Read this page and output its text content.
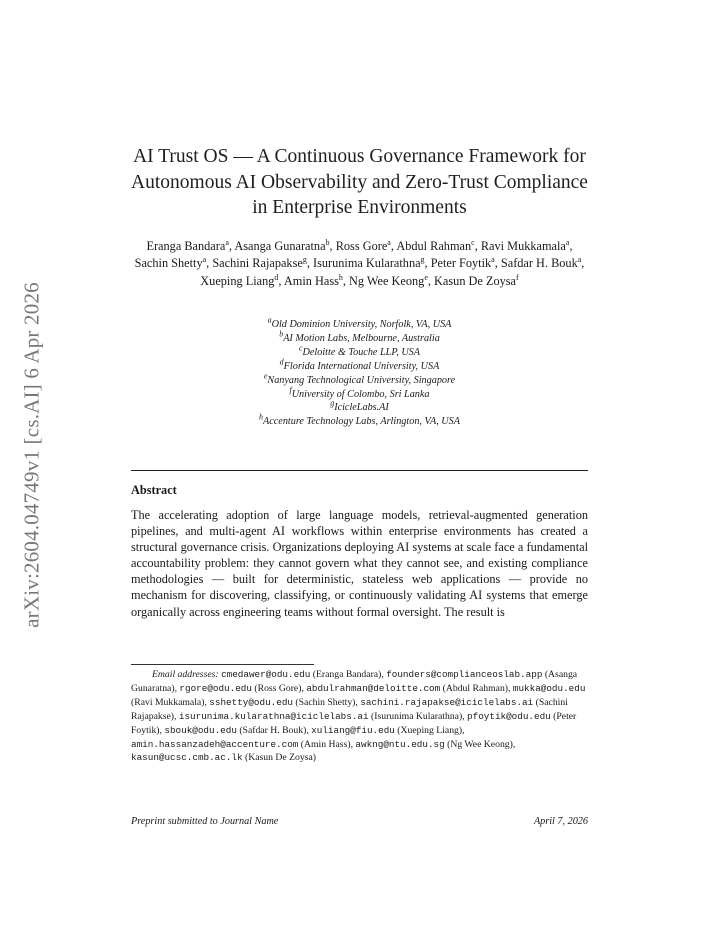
arXiv:2604.04749v1 [cs.AI] 6 Apr 2026
AI Trust OS — A Continuous Governance Framework for Autonomous AI Observability and Zero-Trust Compliance in Enterprise Environments
Eranga Bandara$^a$, Asanga Gunaratna$^b$, Ross Gore$^a$, Abdul Rahman$^c$, Ravi Mukkamala$^a$, Sachin Shetty$^a$, Sachini Rajapakse$^g$, Isurunima Kularathna$^g$, Peter Foytik$^a$, Safdar H. Bouk$^a$, Xueping Liang$^d$, Amin Hass$^h$, Ng Wee Keong$^e$, Kasun De Zoysa$^f$
$^a$Old Dominion University, Norfolk, VA, USA
$^b$AI Motion Labs, Melbourne, Australia
$^c$Deloitte & Touche LLP, USA
$^d$Florida International University, USA
$^e$Nanyang Technological University, Singapore
$^f$University of Colombo, Sri Lanka
$^g$IcicleLabs.AI
$^h$Accenture Technology Labs, Arlington, VA, USA
Abstract
The accelerating adoption of large language models, retrieval-augmented generation pipelines, and multi-agent AI workflows within enterprise environments has created a structural governance crisis. Organizations deploying AI systems at scale face a fundamental accountability problem: they cannot govern what they cannot see, and existing compliance methodologies — built for deterministic, stateless web applications — provide no mechanism for discovering, classifying, or continuously validating AI systems that emerge organically across engineering teams without formal oversight. The result is
Email addresses: cmedawer@odu.edu (Eranga Bandara), founders@complianceoslab.app (Asanga Gunaratna), rgore@odu.edu (Ross Gore), abdulrahman@deloitte.com (Abdul Rahman), mukka@odu.edu (Ravi Mukkamala), sshetty@odu.edu (Sachin Shetty), sachini.rajapakse@iciclelabs.ai (Sachini Rajapakse), isurunima.kularathna@iciclelabs.ai (Isurunima Kularathna), pfoytik@odu.edu (Peter Foytik), sbouk@odu.edu (Safdar H. Bouk), xuliang@fiu.edu (Xueping Liang), amin.hassanzadeh@accenture.com (Amin Hass), awkng@ntu.edu.sg (Ng Wee Keong), kasun@ucsc.cmb.ac.lk (Kasun De Zoysa)
Preprint submitted to Journal Name	April 7, 2026
